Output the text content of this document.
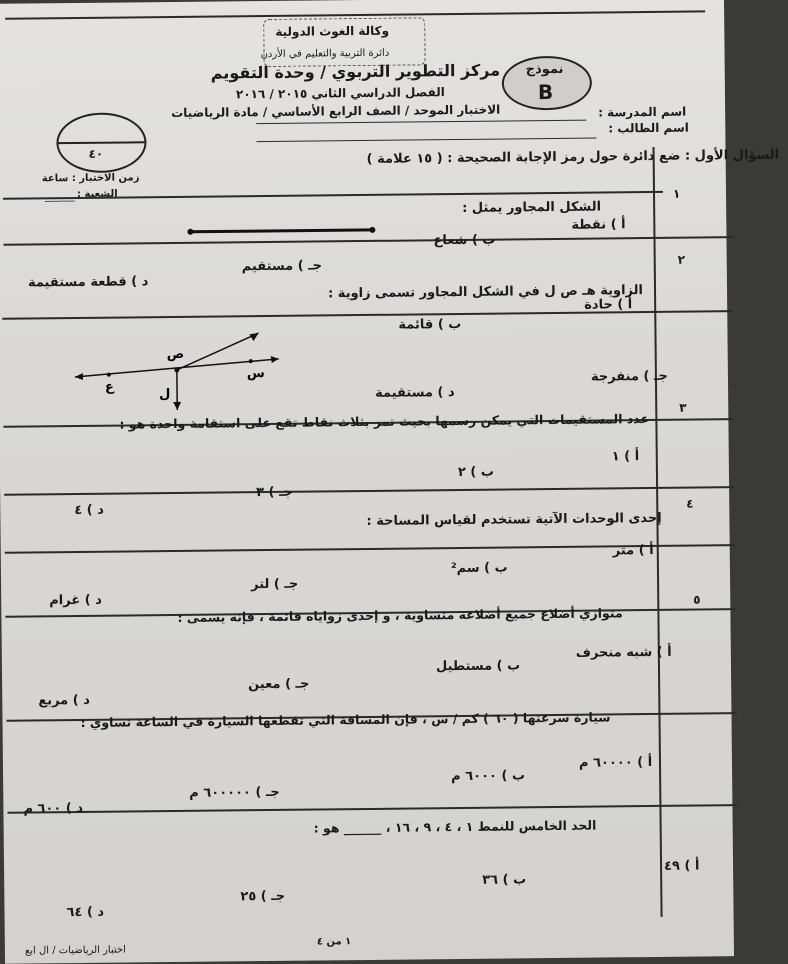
وكالة الغوث الدولية
دائرة التربية والتعليم في الأردن
مركز التطوير التربوي / وحدة التقويم
الفصل الدراسي الثاني ٢٠١٥ / ٢٠١٦
الاختبار الموحد / الصف الرابع الأساسي / مادة الرياضيات
نموذج
B
اسم المدرسة :
اسم الطالب :
٤٠
زمن الاختبار : ساعة
الشعبة :
السؤال الأول : ضع دائرة حول رمز الإجابة الصحيحة : ( ١٥ علامة )
١
الشكل المجاور يمثل :
أ ) نقطة
ب ) شعاع
جـ ) مستقيم
د ) قطعة مستقيمة
٢
الزاوية هـ ص ل في الشكل المجاور تسمى زاوية :
أ ) حادة
ب ) قائمة
ص
س
ع	ل
جـ ) منفرجة
د ) مستقيمة
٣
عدد المستقيمات التي يمكن رسمها بحيث تمر بثلاث نقاط تقع على استقامة واحدة هو :
أ ) ١
ب ) ٢
جـ ) ٣
د ) ٤	٤
إحدى الوحدات الآتية تستخدم لقياس المساحة :
أ ) متر
ب ) سم²
جـ ) لتر
د ) غرام	٥
متوازي أضلاع جميع أضلاعه متساوية ، و إحدى زواياه قائمة ، فإنه يسمى :
أ ) شبه منحرف
ب ) مستطيل
جـ ) معين
د ) مربع
سيارة سرعتها ( ٦٠ ) كم / س ، فإن المسافة التي تقطعها السيارة في الساعة تساوي :
أ ) ٦٠٠٠٠ م
ب ) ٦٠٠٠ م
جـ ) ٦٠٠٠٠٠ م
د ) ٦٠٠ م
الحد الخامس للنمط ١ ، ٤ ، ٩ ، ١٦ ، ______ هو :
أ ) ٤٩
ب ) ٣٦
جـ ) ٢٥
د ) ٦٤
١ من ٤
اختبار الرياضيات / ال ابع
